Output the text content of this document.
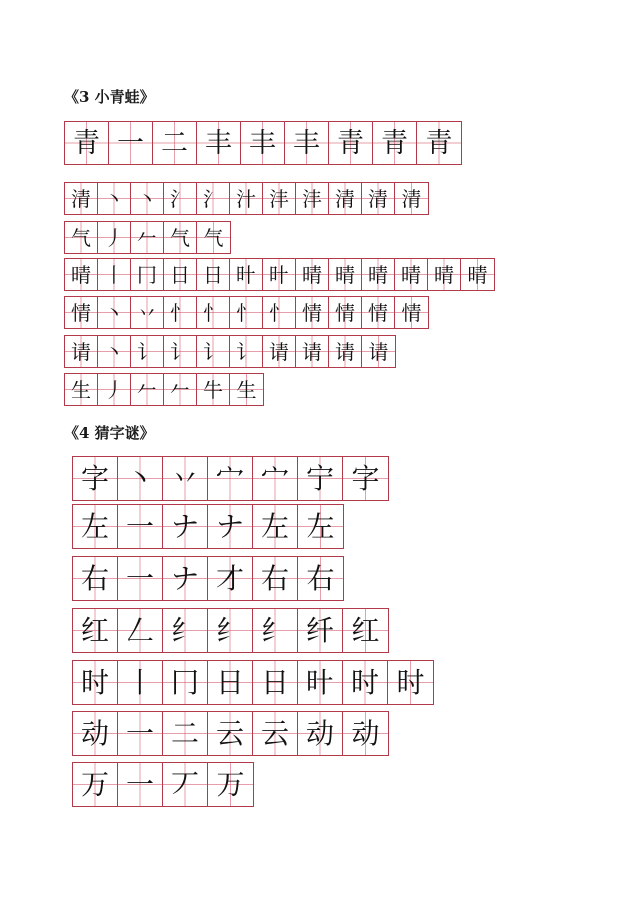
《3 小青蛙》
青 一 二 丰 丰 丰 青 青 青
清 丶 丶 氵 氵 汁 沣 沣 清 清 清
气 丿 𠂉 气 气
晴 丨 冂 日 日 旪 旪 晴 晴 晴 晴 晴 晴
情 丶 丷 忄 忄 忄 忄 情 情 情 情
请 丶 讠 讠 讠 讠 请 请 请 请
生 丿 𠂉 𠂉 牛 生
《4 猜字谜》
字 丶 丷 宀 宀 宁 字
左 一 ナ ナ 左 左
右 一 ナ 才 右 右
红 𠃋 纟 纟 纟 纤 红
时 丨 冂 日 日 旪 时 时
动 一 二 云 云 动 动
万 一 丆 万
